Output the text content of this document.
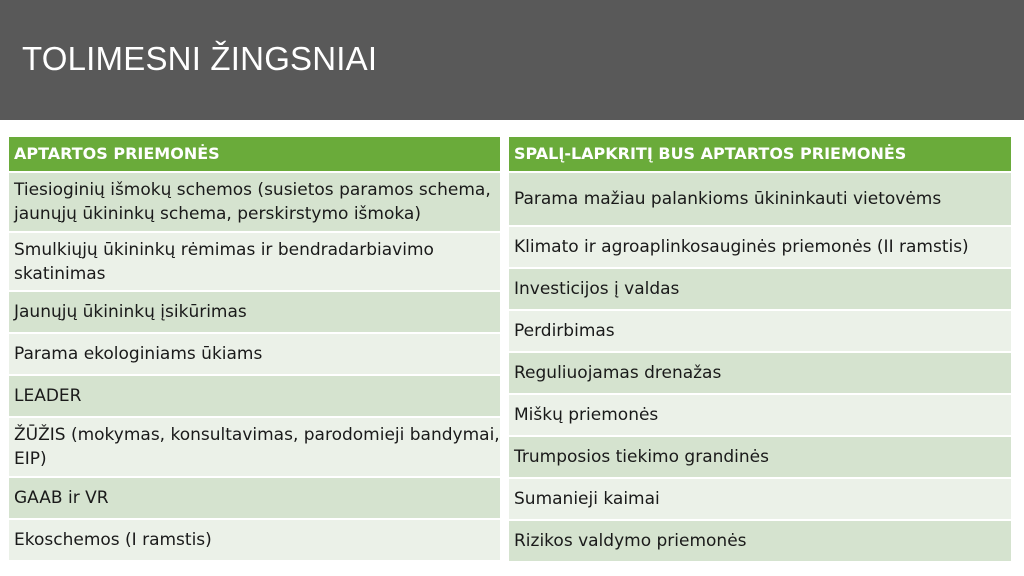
TOLIMESNI ŽINGSNIAI
APTARTOS PRIEMONĖS
Tiesioginių išmokų schemos (susietos paramos schema, jaunųjų ūkininkų schema, perskirstymo išmoka)
Smulkiųjų ūkininkų rėmimas ir bendradarbiavimo skatinimas
Jaunųjų ūkininkų įsikūrimas
Parama ekologiniams ūkiams
LEADER
ŽŪŽIS (mokymas, konsultavimas, parodomieji bandymai, EIP)
GAAB ir VR
Ekoschemos (I ramstis)
SPALĮ-LAPKRITĮ BUS APTARTOS PRIEMONĖS
Parama mažiau palankioms ūkininkauti vietovėms
Klimato ir agroaplinkosauginės priemonės (II ramstis)
Investicijos į valdas
Perdirbimas
Reguliuojamas drenažas
Miškų priemonės
Trumposios tiekimo grandinės
Sumanieji kaimai
Rizikos valdymo priemonės
